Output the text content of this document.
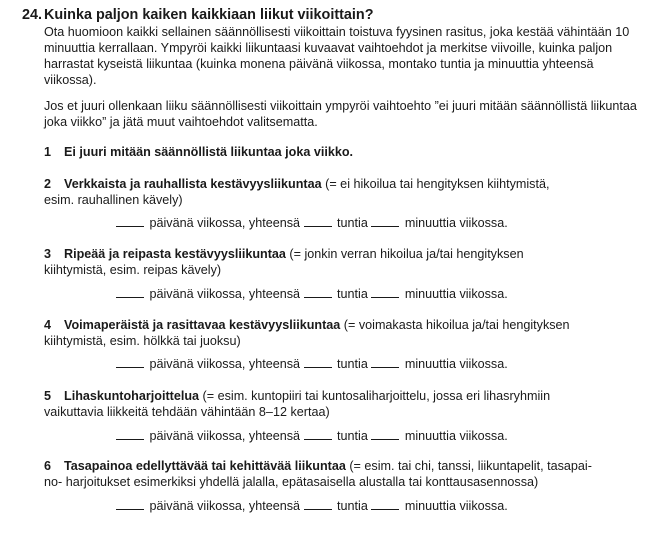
24. Kuinka paljon kaiken kaikkiaan liikut viikoittain?

Ota huomioon kaikki sellainen säännöllisesti viikoittain toistuva fyysinen rasitus, joka kestää vähintään 10 minuuttia kerrallaan. Ympyröi kaikki liikuntaasi kuvaavat vaihtoehdot ja merkitse viivoille, kuinka paljon harrastat kyseistä liikuntaa (kuinka monena päivänä viikossa, montako tuntia ja minuuttia yhteensä viikossa).

Jos et juuri ollenkaan liiku säännöllisesti viikoittain ympyröi vaihtoehto ”ei juuri mitään säännöllistä liikuntaa joka viikko” ja jätä muut vaihtoehdot valitsematta.

1	Ei juuri mitään säännöllistä liikuntaa joka viikko.
2	Verkkaista ja rauhallista kestävyysliikuntaa (= ei hikoilua tai hengityksen kiihtymistä,
esim. rauhallinen kävely)
päivänä viikossa, yhteensä	tuntia	minuuttia viikossa.
3	Ripeää ja reipasta kestävyysliikuntaa (= jonkin verran hikoilua ja/tai hengityksen
kiihtymistä, esim. reipas kävely)
päivänä viikossa, yhteensä	tuntia	minuuttia viikossa.
4	Voimaperäistä ja rasittavaa kestävyysliikuntaa (= voimakasta hikoilua ja/tai hengityksen
kiihtymistä, esim. hölkkä tai juoksu)
päivänä viikossa, yhteensä	tuntia	minuuttia viikossa.
5	Lihaskuntoharjoittelua (= esim. kuntopiiri tai kuntosaliharjoittelu, jossa eri lihasryhmiin
vaikuttavia liikkeitä tehdään vähintään 8–12 kertaa)
päivänä viikossa, yhteensä	tuntia	minuuttia viikossa.
6	Tasapainoa edellyttävää tai kehittävää liikuntaa (= esim. tai chi, tanssi, liikuntapelit, tasapai-
no- harjoitukset esimerkiksi yhdellä jalalla, epätasaisella alustalla tai konttausasennossa)
päivänä viikossa, yhteensä	tuntia	minuuttia viikossa.
